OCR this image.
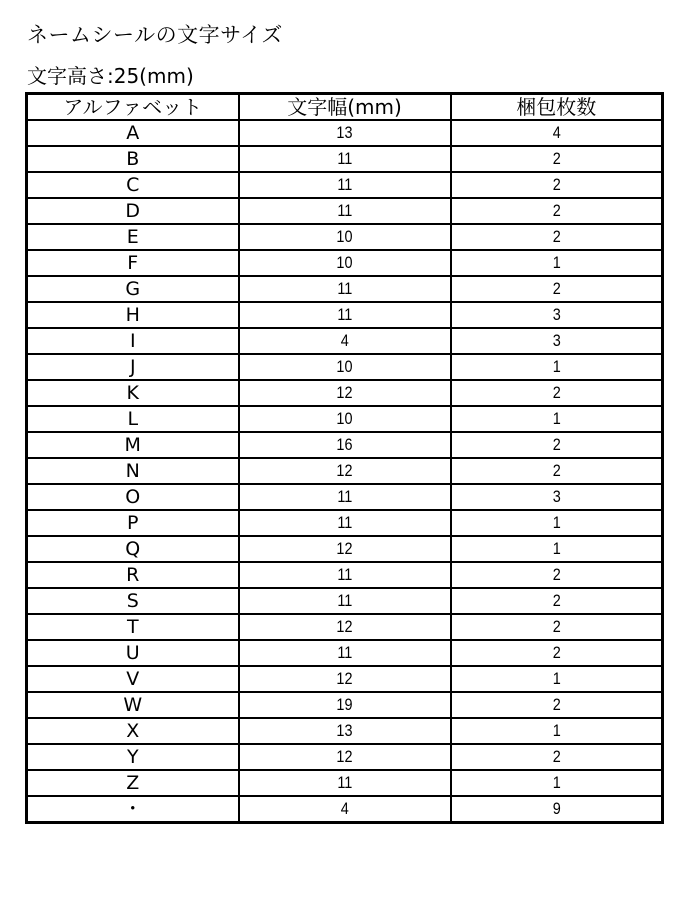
ネームシールの文字サイズ
文字高さ:25(mm)
アルファベット	文字幅(mm)	梱包枚数
A	13	4
B	11	2
C	11	2
D	11	2
E	10	2
F	10	1
G	11	2
H	11	3
I	4	3
J	10	1
K	12	2
L	10	1
M	16	2
N	12	2
O	11	3
P	11	1
Q	12	1
R	11	2
S	11	2
T	12	2
U	11	2
V	12	1
W	19	2
X	13	1
Y	12	2
Z	11	1
・	4	9
